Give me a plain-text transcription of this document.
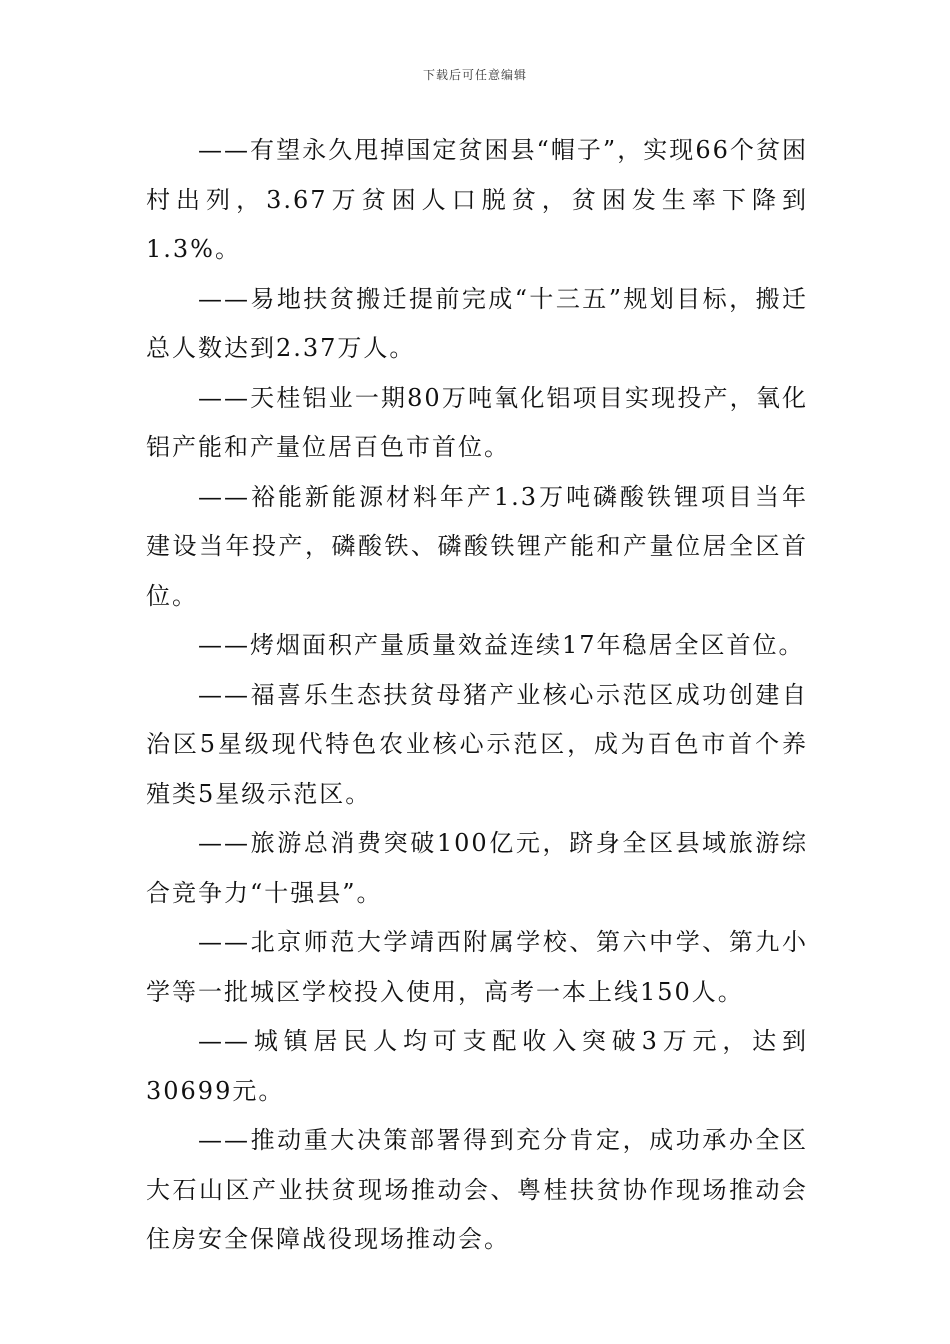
下载后可任意编辑

——有望永久甩掉国定贫困县“帽子”，实现66个贫困村出列，3.67万贫困人口脱贫，贫困发生率下降到1.3%。

——易地扶贫搬迁提前完成“十三五”规划目标，搬迁总人数达到2.37万人。

——天桂铝业一期80万吨氧化铝项目实现投产，氧化铝产能和产量位居百色市首位。

——裕能新能源材料年产1.3万吨磷酸铁锂项目当年建设当年投产，磷酸铁、磷酸铁锂产能和产量位居全区首位。

——烤烟面积产量质量效益连续17年稳居全区首位。

——福喜乐生态扶贫母猪产业核心示范区成功创建自治区5星级现代特色农业核心示范区，成为百色市首个养殖类5星级示范区。

——旅游总消费突破100亿元，跻身全区县域旅游综合竞争力“十强县”。

——北京师范大学靖西附属学校、第六中学、第九小学等一批城区学校投入使用，高考一本上线150人。

——城镇居民人均可支配收入突破3万元，达到30699元。

——推动重大决策部署得到充分肯定，成功承办全区大石山区产业扶贫现场推动会、粤桂扶贫协作现场推动会住房安全保障战役现场推动会。
